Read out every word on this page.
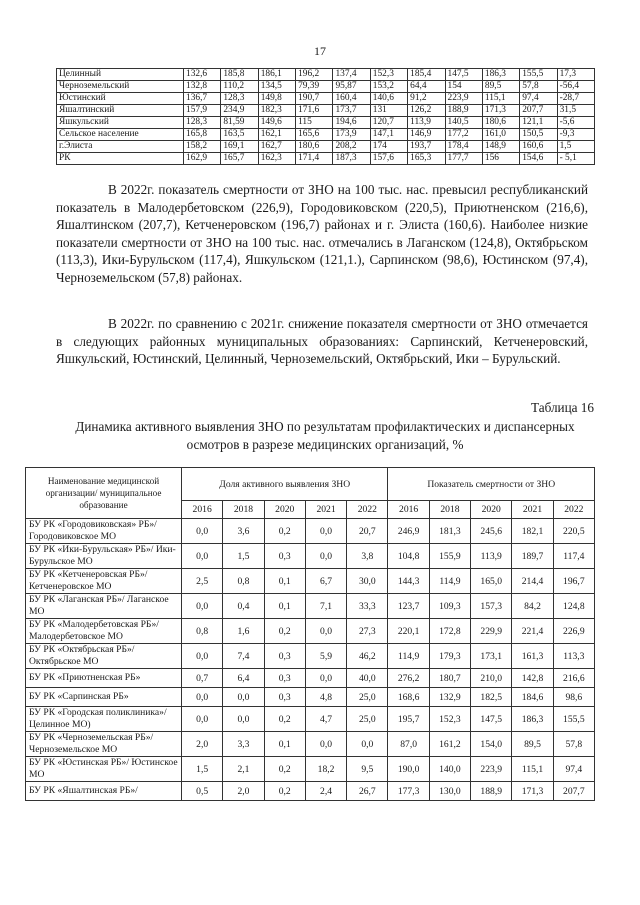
17
Целинный	132,6	185,8	186,1	196,2	137,4	152,3	185,4	147,5	186,3	155,5	17,3
Черноземельский	132,8	110,2	134,5	79,39	95,87	153,2	64,4	154	89,5	57,8	-56,4
Юстинский	136,7	128,3	149,8	190,7	160,4	140,6	91,2	223,9	115,1	97,4	-28,7
Яшалтинский	157,9	234,9	182,3	171,6	173,7	131	126,2	188,9	171,3	207,7	31,5
Яшкульский	128,3	81,59	149,6	115	194,6	120,7	113,9	140,5	180,6	121,1	-5,6
Сельское население	165,8	163,5	162,1	165,6	173,9	147,1	146,9	177,2	161,0	150,5	-9,3
г.Элиста	158,2	169,1	162,7	180,6	208,2	174	193,7	178,4	148,9	160,6	1,5
РК	162,9	165,7	162,3	171,4	187,3	157,6	165,3	177,7	156	154,6	- 5,1

В 2022г. показатель смертности от ЗНО на 100 тыс. нас. превысил республиканский показатель в Малодербетовском (226,9), Городовиковском (220,5), Приютненском (216,6), Яшалтинском (207,7), Кетченеровском (196,7) районах и г. Элиста (160,6). Наиболее низкие показатели смертности от ЗНО на 100 тыс. нас. отмечались в Лаганском (124,8), Октябрьском (113,3), Ики-Бурульском (117,4), Яшкульском (121,1.), Сарпинском (98,6), Юстинском (97,4), Черноземельском (57,8) районах.

В 2022г. по сравнению с 2021г. снижение показателя смертности от ЗНО отмечается в следующих районных муниципальных образованиях: Сарпинский, Кетченеровский, Яшкульский, Юстинский, Целинный, Черноземельский, Октябрьский, Ики – Бурульский.

Таблица 16

Динамика активного выявления ЗНО по результатам профилактических и диспансерных осмотров в разрезе медицинских организаций, %

Наименование медицинской организации/ муниципальное образование	Доля активного выявления ЗНО					Показатель смертности от ЗНО				
	2016	2018	2020	2021	2022	2016	2018	2020	2021	2022
БУ РК «Городовиковская» РБ»/ Городовиковское МО	0,0	3,6	0,2	0,0	20,7	246,9	181,3	245,6	182,1	220,5
БУ РК «Ики-Бурульская» РБ»/ Ики-Бурульское МО	0,0	1,5	0,3	0,0	3,8	104,8	155,9	113,9	189,7	117,4
БУ РК «Кетченеровская РБ»/ Кетченеровское МО	2,5	0,8	0,1	6,7	30,0	144,3	114,9	165,0	214,4	196,7
БУ РК «Лаганская РБ»/ Лаганское МО	0,0	0,4	0,1	7,1	33,3	123,7	109,3	157,3	84,2	124,8
БУ РК «Малодербетовская РБ»/ Малодербетовское МО	0,8	1,6	0,2	0,0	27,3	220,1	172,8	229,9	221,4	226,9
БУ РК «Октябрьская РБ»/ Октябрьское МО	0,0	7,4	0,3	5,9	46,2	114,9	179,3	173,1	161,3	113,3
БУ РК «Приютненская РБ»	0,7	6,4	0,3	0,0	40,0	276,2	180,7	210,0	142,8	216,6
БУ РК «Сарпинская РБ»	0,0	0,0	0,3	4,8	25,0	168,6	132,9	182,5	184,6	98,6
БУ РК «Городская поликлиника»/ Целинное МО)	0,0	0,0	0,2	4,7	25,0	195,7	152,3	147,5	186,3	155,5
БУ РК «Черноземельская РБ»/ Черноземельское МО	2,0	3,3	0,1	0,0	0,0	87,0	161,2	154,0	89,5	57,8
БУ РК «Юстинская РБ»/ Юстинское МО	1,5	2,1	0,2	18,2	9,5	190,0	140,0	223,9	115,1	97,4
БУ РК «Яшалтинская РБ»/	0,5	2,0	0,2	2,4	26,7	177,3	130,0	188,9	171,3	207,7
